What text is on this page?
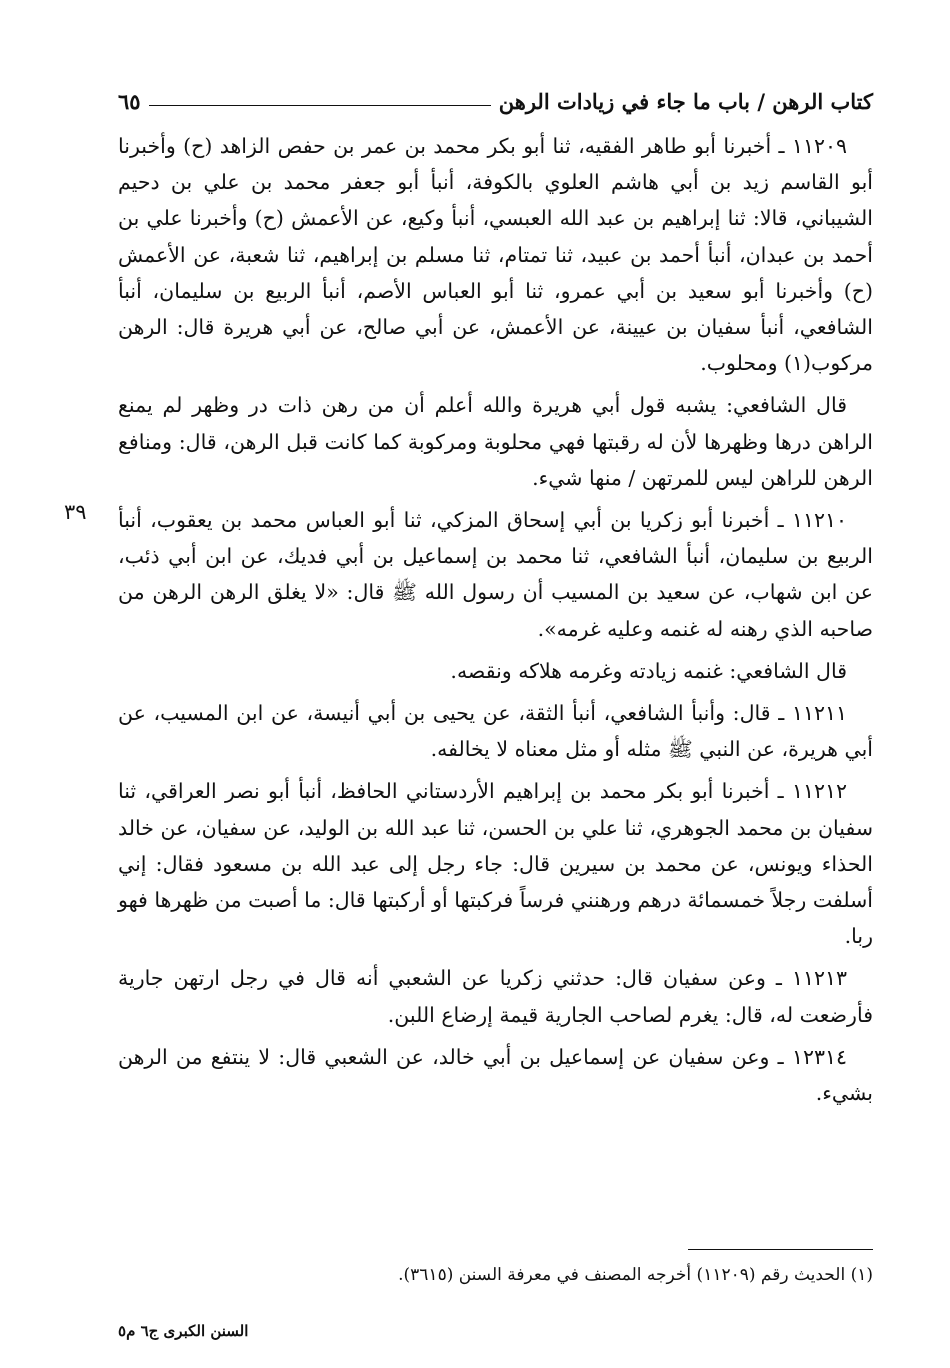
كتاب الرهن / باب ما جاء في زيادات الرهن
٦٥

١١٢٠٩ ـ أخبرنا أبو طاهر الفقيه، ثنا أبو بكر محمد بن عمر بن حفص الزاهد (ح) وأخبرنا أبو القاسم زيد بن أبي هاشم العلوي بالكوفة، أنبأ أبو جعفر محمد بن علي بن دحيم الشيباني، قالا: ثنا إبراهيم بن عبد الله العبسي، أنبأ وكيع، عن الأعمش (ح) وأخبرنا علي بن أحمد بن عبدان، أنبأ أحمد بن عبيد، ثنا تمتام، ثنا مسلم بن إبراهيم، ثنا شعبة، عن الأعمش (ح) وأخبرنا أبو سعيد بن أبي عمرو، ثنا أبو العباس الأصم، أنبأ الربيع بن سليمان، أنبأ الشافعي، أنبأ سفيان بن عيينة، عن الأعمش، عن أبي صالح، عن أبي هريرة قال: الرهن مركوب(١) ومحلوب.

قال الشافعي: يشبه قول أبي هريرة والله أعلم أن من رهن ذات در وظهر لم يمنع الراهن درها وظهرها لأن له رقبتها فهي محلوبة ومركوبة كما كانت قبل الرهن، قال: ومنافع الرهن للراهن ليس للمرتهن / منها شيء.

١١٢١٠ ـ أخبرنا أبو زكريا بن أبي إسحاق المزكي، ثنا أبو العباس محمد بن يعقوب، أنبأ الربيع بن سليمان، أنبأ الشافعي، ثنا محمد بن إسماعيل بن أبي فديك، عن ابن أبي ذئب، عن ابن شهاب، عن سعيد بن المسيب أن رسول الله ﷺ قال: «لا يغلق الرهن الرهن من صاحبه الذي رهنه له غنمه وعليه غرمه».

قال الشافعي: غنمه زيادته وغرمه هلاكه ونقصه.

١١٢١١ ـ قال: وأنبأ الشافعي، أنبأ الثقة، عن يحيى بن أبي أنيسة، عن ابن المسيب، عن أبي هريرة، عن النبي ﷺ مثله أو مثل معناه لا يخالفه.

١١٢١٢ ـ أخبرنا أبو بكر محمد بن إبراهيم الأردستاني الحافظ، أنبأ أبو نصر العراقي، ثنا سفيان بن محمد الجوهري، ثنا علي بن الحسن، ثنا عبد الله بن الوليد، عن سفيان، عن خالد الحذاء ويونس، عن محمد بن سيرين قال: جاء رجل إلى عبد الله بن مسعود فقال: إني أسلفت رجلاً خمسمائة درهم ورهنني فرساً فركبتها أو أركبتها قال: ما أصبت من ظهرها فهو ربا.

١١٢١٣ ـ وعن سفيان قال: حدثني زكريا عن الشعبي أنه قال في رجل ارتهن جارية فأرضعت له، قال: يغرم لصاحب الجارية قيمة إرضاع اللبن.

١٢٣١٤ ـ وعن سفيان عن إسماعيل بن أبي خالد، عن الشعبي قال: لا ينتفع من الرهن بشيء.

٣٩
(١) الحديث رقم (١١٢٠٩) أخرجه المصنف في معرفة السنن (٣٦١٥).
السنن الكبرى ج٦ م٥
